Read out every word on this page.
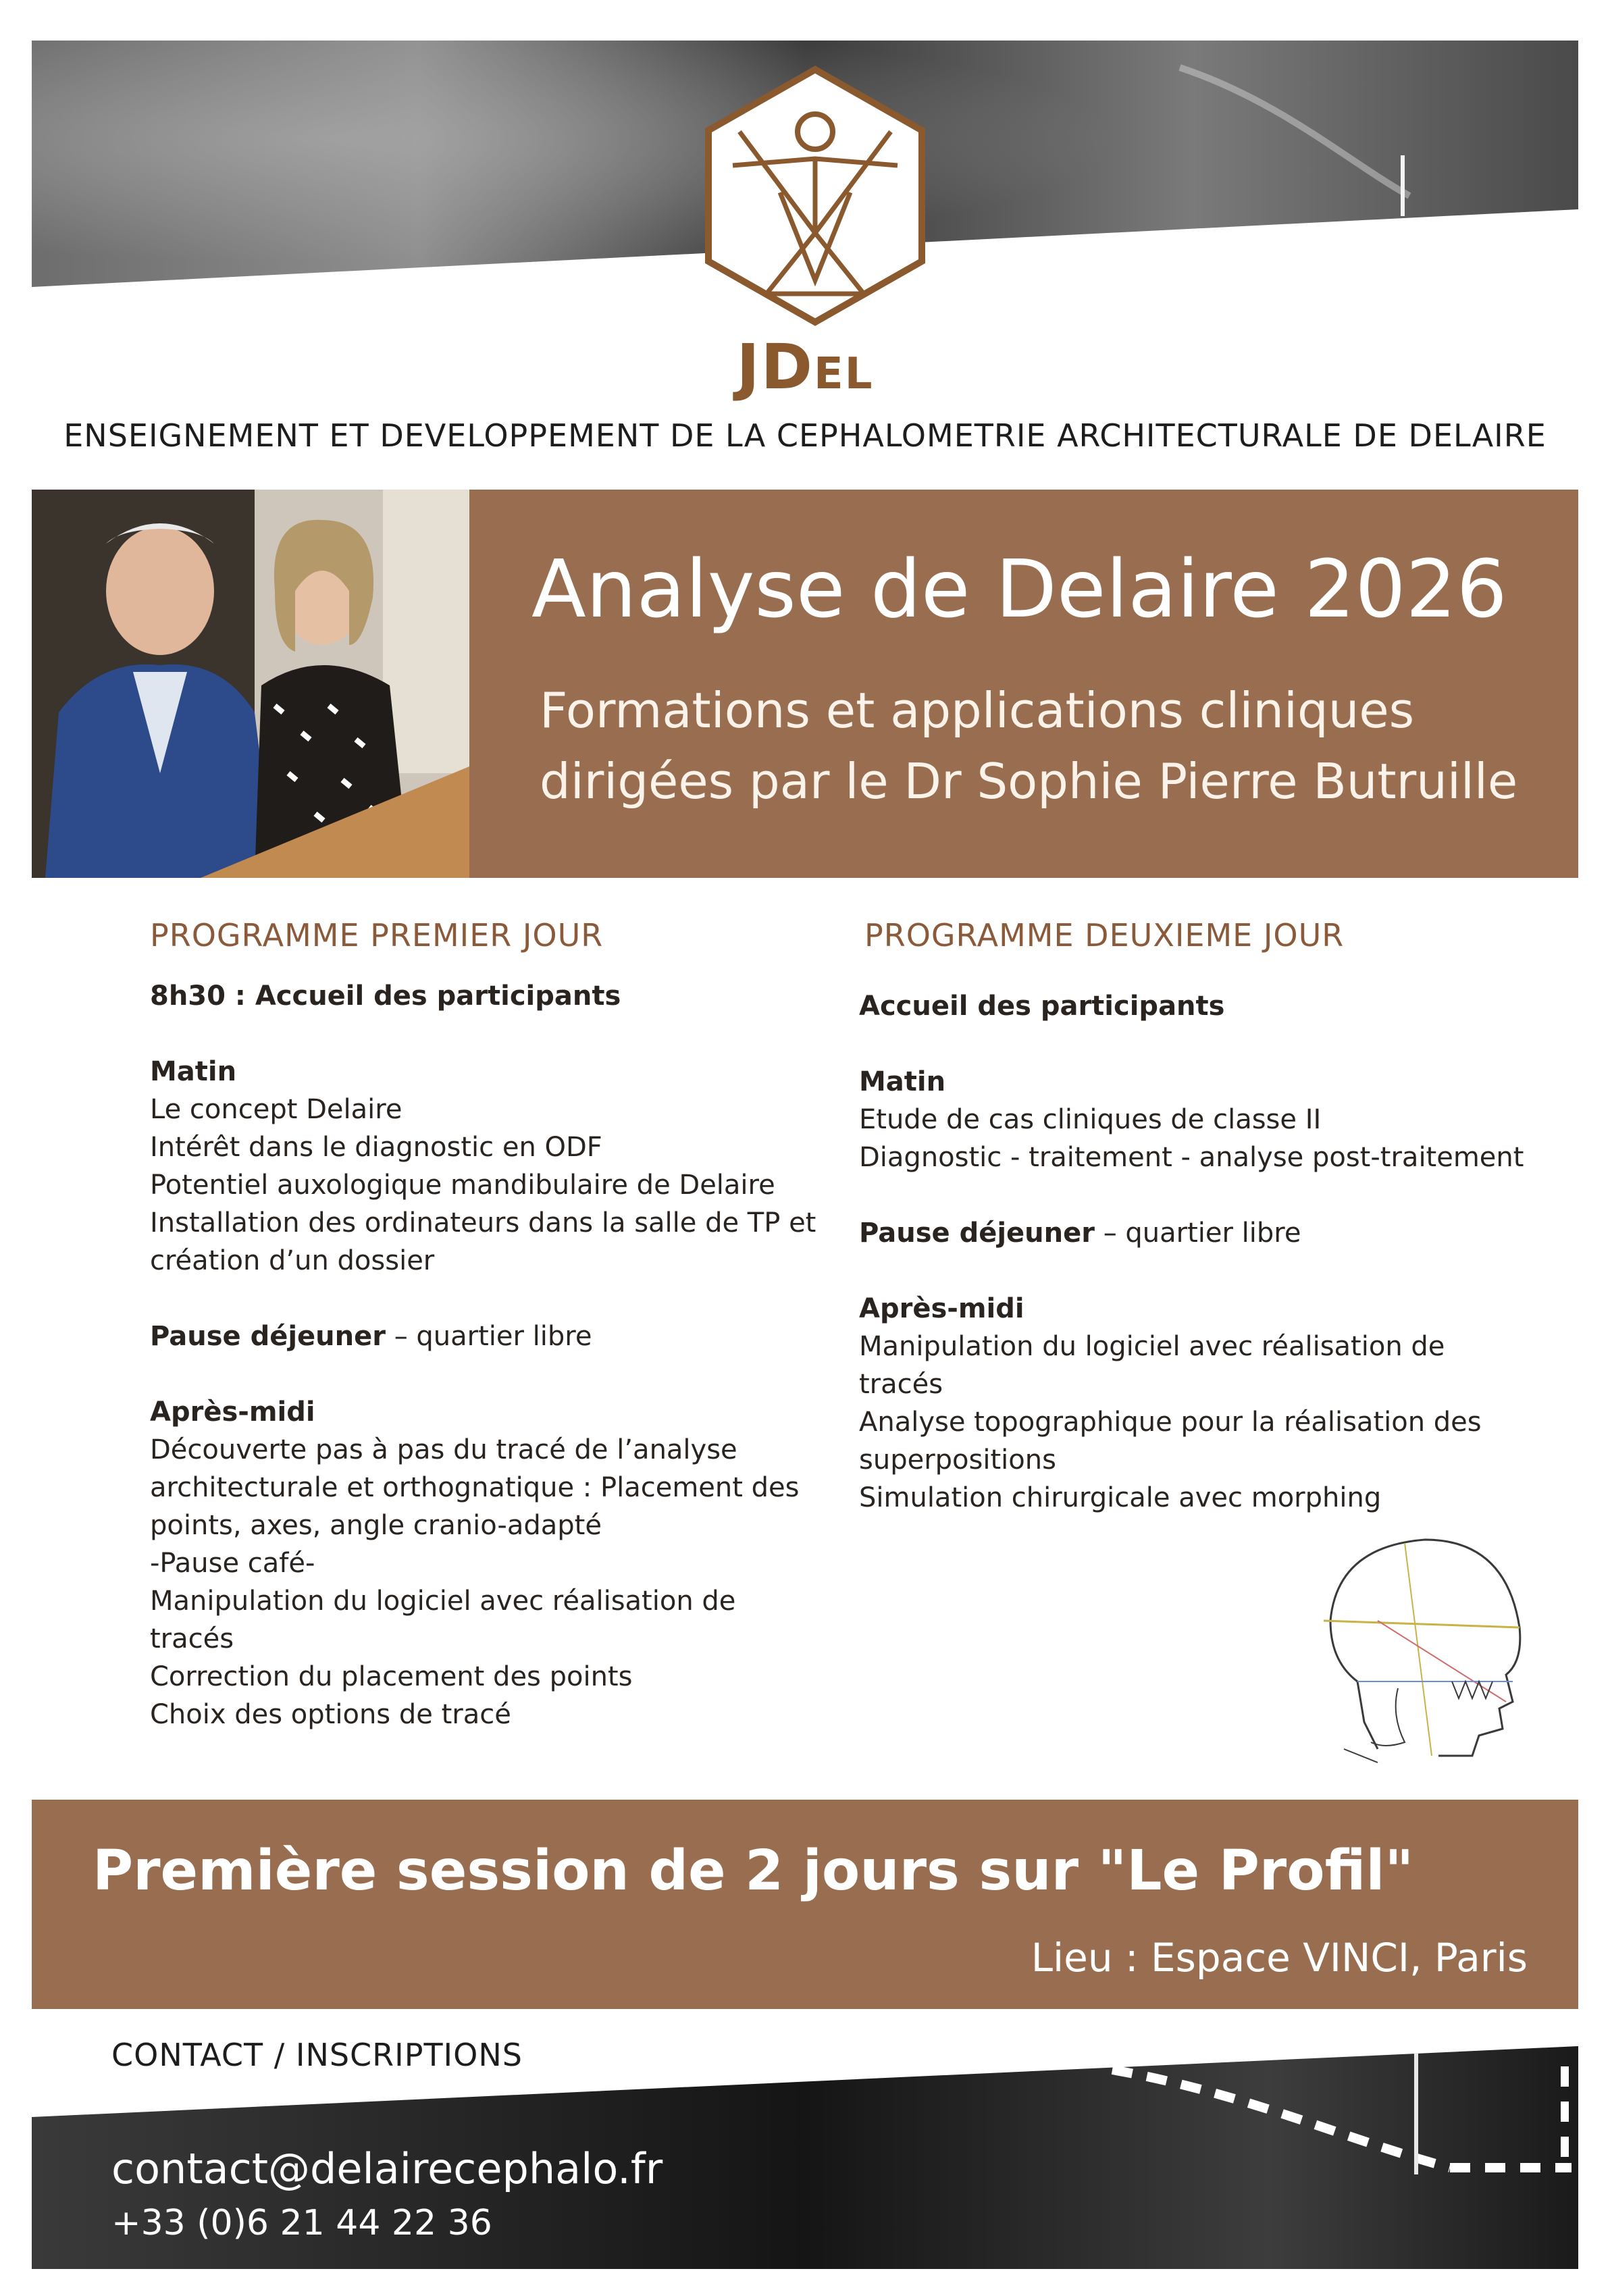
JDEL
ENSEIGNEMENT ET DEVELOPPEMENT DE LA CEPHALOMETRIE ARCHITECTURALE DE DELAIRE
Analyse de Delaire 2026
Formations et applications cliniques
dirigées par le Dr Sophie Pierre Butruille
PROGRAMME PREMIER JOUR
8h30 : Accueil des participants
Matin
Le concept Delaire
Intérêt dans le diagnostic en ODF
Potentiel auxologique mandibulaire de Delaire
Installation des ordinateurs dans la salle de TP et
création d’un dossier
Pause déjeuner – quartier libre
Après-midi
Découverte pas à pas du tracé de l’analyse
architecturale et orthognatique : Placement des
points, axes, angle cranio-adapté
-Pause café-
Manipulation du logiciel avec réalisation de
tracés
Correction du placement des points
Choix des options de tracé
PROGRAMME DEUXIEME JOUR
Accueil des participants
Matin
Etude de cas cliniques de classe II
Diagnostic - traitement - analyse post-traitement
Pause déjeuner – quartier libre
Après-midi
Manipulation du logiciel avec réalisation de
tracés
Analyse topographique pour la réalisation des
superpositions
Simulation chirurgicale avec morphing
Première session de 2 jours sur "Le Profil"
Lieu : Espace VINCI, Paris
CONTACT / INSCRIPTIONS
contact@delairecephalo.fr
+33 (0)6 21 44 22 36
